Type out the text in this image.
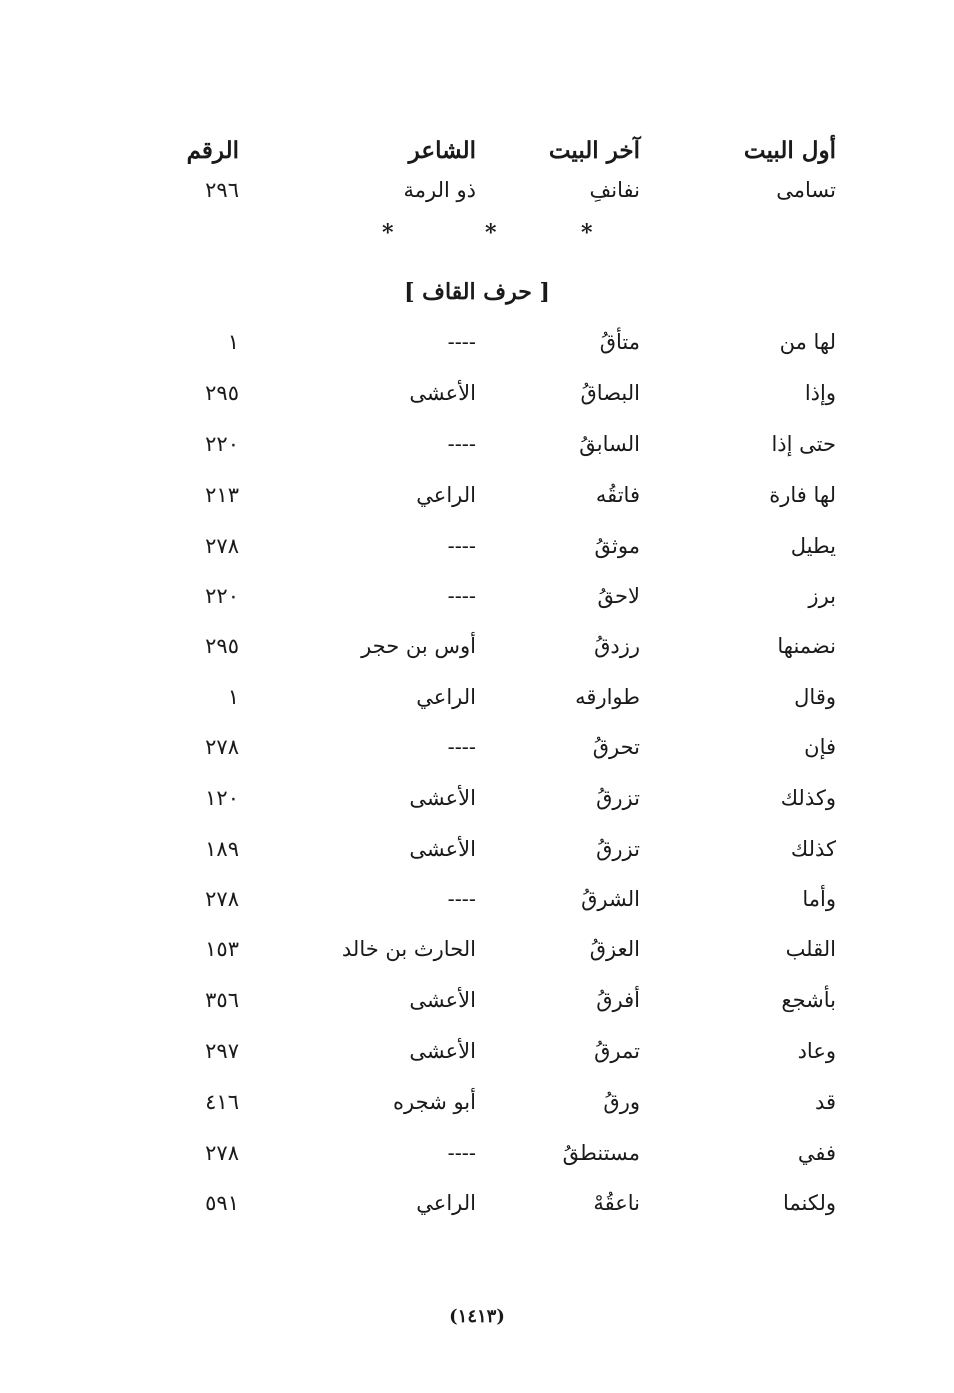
أول البيت
آخر البيت
الشاعر
الرقم
تسامى
نفانفِ
ذو الرمة
٢٩٦
*
*
*
[ حرف القاف ]
لها من
متأقُ
----
١
وإذا
البصاقُ
الأعشى
٢٩٥
حتى إذا
السابقُ
----
٢٢٠
لها فارة
فاتقُه
الراعي
٢١٣
يطيل
موثقُ
----
٢٧٨
برز
لاحقُ
----
٢٢٠
نضمنها
رزدقُ
أوس بن حجر
٢٩٥
وقال
طوارقه
الراعي
١
فإن
تحرقُ
----
٢٧٨
وكذلك
تزرقُ
الأعشى
١٢٠
كذلك
تزرقُ
الأعشى
١٨٩
وأما
الشرقُ
----
٢٧٨
القلب
العزقُ
الحارث بن خالد
١٥٣
بأشجع
أفرقُ
الأعشى
٣٥٦
وعاد
تمرقُ
الأعشى
٢٩٧
قد
ورقُ
أبو شجره
٤١٦
ففي
مستنطقُ
----
٢٧٨
ولكنما
ناعقُهْ
الراعي
٥٩١
(١٤١٣)
